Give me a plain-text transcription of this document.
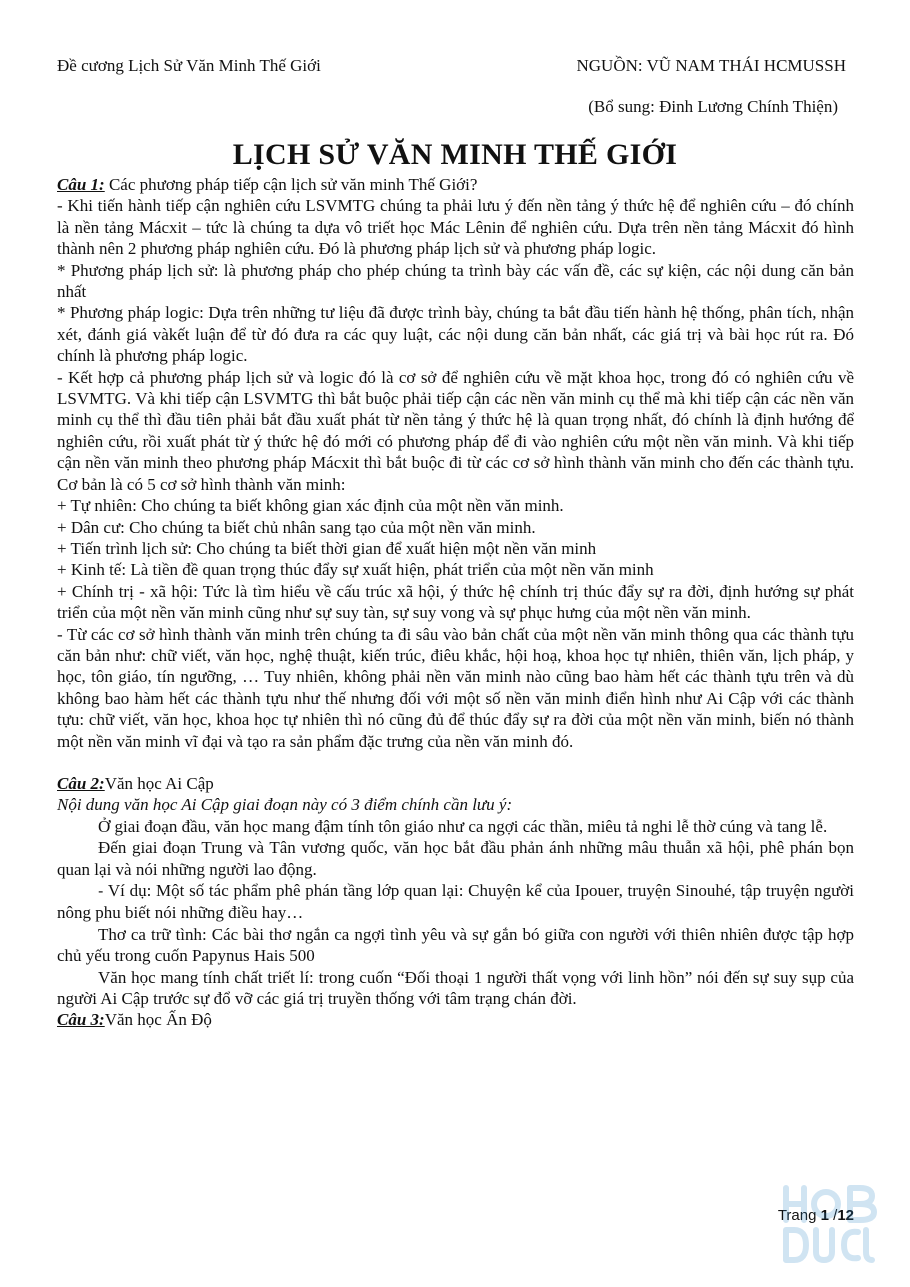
Đề cương Lịch Sử Văn Minh Thế Giới	NGUỒN: VŨ NAM THÁI HCMUSSH
(Bổ sung: Đinh Lương Chính Thiện)
LỊCH SỬ VĂN MINH THẾ GIỚI

Câu 1: Các phương pháp tiếp cận lịch sử văn minh Thế Giới?

- Khi tiến hành tiếp cận nghiên cứu LSVMTG chúng ta phải lưu ý đến nền tảng ý thức hệ để nghiên cứu – đó chính là nền tảng Mácxit – tức là chúng ta dựa vô triết học Mác Lênin để nghiên cứu. Dựa trên nền tảng Mácxit đó hình thành nên 2 phương pháp nghiên cứu. Đó là phương pháp lịch sử và phương pháp logic.

* Phương pháp lịch sử: là phương pháp cho phép chúng ta trình bày các vấn đề, các sự kiện, các nội dung căn bản nhất

* Phương pháp logic: Dựa trên những tư liệu đã được trình bày, chúng ta bắt đầu tiến hành hệ thống, phân tích, nhận xét, đánh giá vàkết luận để từ đó đưa ra các quy luật, các nội dung căn bản nhất, các giá trị và bài học rút ra. Đó chính là phương pháp logic.

- Kết hợp cả phương pháp lịch sử và logic đó là cơ sở để nghiên cứu về mặt khoa học, trong đó có nghiên cứu về LSVMTG. Và khi tiếp cận LSVMTG thì bắt buộc phải tiếp cận các nền văn minh cụ thể mà khi tiếp cận các nền văn minh cụ thể thì đầu tiên phải bắt đầu xuất phát từ nền tảng ý thức hệ là quan trọng nhất, đó chính là định hướng để nghiên cứu, rồi xuất phát từ ý thức hệ đó mới có phương pháp để đi vào nghiên cứu một nền văn minh. Và khi tiếp cận nền văn minh theo phương pháp Mácxit thì bắt buộc đi từ các cơ sở hình thành văn minh cho đến các thành tựu. Cơ bản là có 5 cơ sở hình thành văn minh:

+ Tự nhiên: Cho chúng ta biết không gian xác định của một nền văn minh.

+ Dân cư: Cho chúng ta biết chủ nhân sang tạo của một nền văn minh.

+ Tiến trình lịch sử: Cho chúng ta biết thời gian để xuất hiện một nền văn minh

+ Kinh tế: Là tiền đề quan trọng thúc đẩy sự xuất hiện, phát triển của một nền văn minh

+ Chính trị - xã hội: Tức là tìm hiểu về cấu trúc xã hội, ý thức hệ chính trị thúc đẩy sự ra đời, định hướng sự phát triển của một nền văn minh cũng như sự suy tàn, sự suy vong và sự phục hưng của một nền văn minh.

- Từ các cơ sở hình thành văn minh trên chúng ta đi sâu vào bản chất của một nền văn minh thông qua các thành tựu căn bản như: chữ viết, văn học, nghệ thuật, kiến trúc, điêu khắc, hội hoạ, khoa học tự nhiên, thiên văn, lịch pháp, y học, tôn giáo, tín ngưỡng, … Tuy nhiên, không phải nền văn minh nào cũng bao hàm hết các thành tựu trên và dù không bao hàm hết các thành tựu như thế nhưng đối với một số nền văn minh điển hình như Ai Cập với các thành tựu: chữ viết, văn học, khoa học tự nhiên thì nó cũng đủ để thúc đẩy sự ra đời của một nền văn minh, biến nó thành một nền văn minh vĩ đại và tạo ra sản phẩm đặc trưng của nền văn minh đó.

Câu 2:Văn học Ai Cập

Nội dung văn học Ai Cập giai đoạn này có 3 điểm chính cần lưu ý:

Ở giai đoạn đầu, văn học mang đậm tính tôn giáo như ca ngợi các thần, miêu tả nghi lễ thờ cúng và tang lễ.

Đến giai đoạn Trung và Tân vương quốc, văn học bắt đầu phản ánh những mâu thuẫn xã hội, phê phán bọn quan lại và nói những người lao động.

- Ví dụ: Một số tác phẩm phê phán tầng lớp quan lại: Chuyện kể của Ipouer, truyện Sinouhé, tập truyện người nông phu biết nói những điều hay…

Thơ ca trữ tình: Các bài thơ ngắn ca ngợi tình yêu và sự gắn bó giữa con người với thiên nhiên được tập hợp chủ yếu trong cuốn Papynus Hais 500

Văn học mang tính chất triết lí: trong cuốn “Đối thoại 1 người thất vọng với linh hồn” nói đến sự suy sụp của người Ai Cập trước sự đổ vỡ các giá trị truyền thống với tâm trạng chán đời.

Câu 3:Văn học Ấn Độ

Trang 1 /12
